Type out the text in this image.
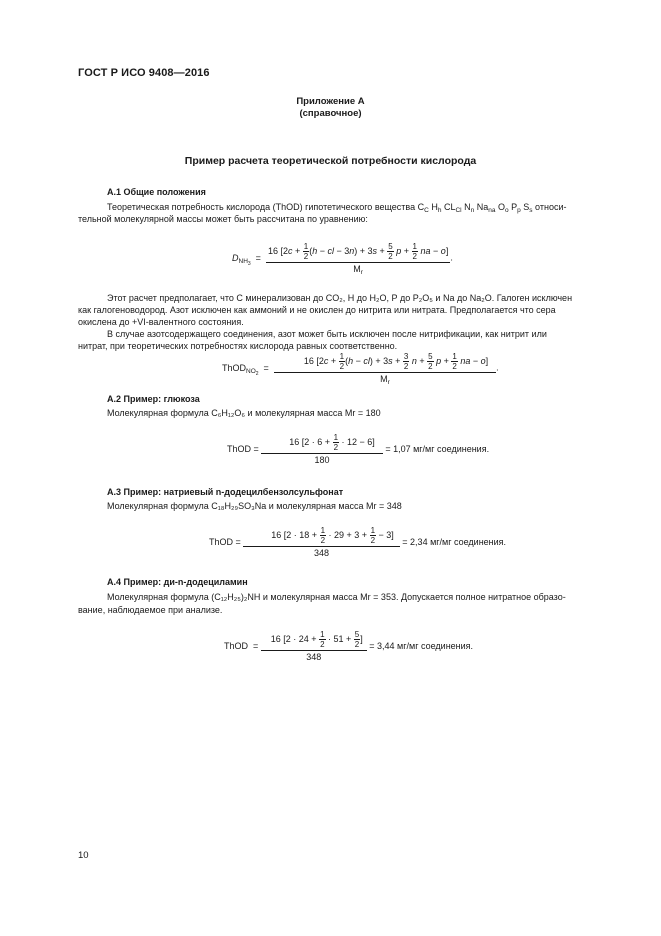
ГОСТ Р ИСО 9408—2016
Приложение А
(справочное)
Пример расчета теоретической потребности кислорода
А.1 Общие положения
Теоретическая потребность кислорода (ThOD) гипотетического вещества $C_C$ $H_h$ $CL_{Cl}$ $N_n$ $Na_{na}$ $O_o$ $P_p$ $S_s$ относи-
тельной молекулярной массы может быть рассчитана по уравнению:
$D_{NH_3} = \frac{16 [2c + \frac{1}{2} (h - cl - 3n) + 3s + \frac{5}{2} p + \frac{1}{2} na - o]}{M_r}$ .
Этот расчет предполагает, что С минерализован до CO₂, Н до H₂O, Р до P₂O₅ и Na до Na₂O. Галоген исключен
как галогеноводород. Азот исключен как аммоний и не окислен до нитрита или нитрата. Предполагается что сера
окислена до +VI-валентного состояния.
В случае азотсодержащего соединения, азот может быть исключен после нитрификации, как нитрит или
нитрат, при теоретических потребностях кислорода равных соответственно.
ThOD$_{NO_2}$  = $\frac{16 [2c + \frac{1}{2} (h - cl) + 3s + \frac{3}{2} n + \frac{5}{2} p + \frac{1}{2} na - o]}{M_r}$ .
А.2 Пример: глюкоза
Молекулярная формула C₆H₁₂O₆ и молекулярная масса Mr = 180
ThOD = $\frac{16 [2 \cdot 6 + \frac{1}{2} \cdot 12 - 6]}{180} = 1,07$ мг/мг соединения.
А.3 Пример: натриевый n-додецилбензолсульфонат
Молекулярная формула C₁₈H₂₉SO₃Na и молекулярная масса Mr = 348
ThOD = $\frac{16 [2 \cdot 18 + \frac{1}{2} \cdot 29 + 3 + \frac{1}{2} - 3]}{348} = 2,34$ мг/мг соединения.
А.4 Пример: ди-n-додециламин
Молекулярная формула (C₁₂H₂₅)₂NH и молекулярная масса Mr = 353. Допускается полное нитратное образо-
вание, наблюдаемое при анализе.
ThOD  = $\frac{16 [2 \cdot 24 + \frac{1}{2} \cdot 51 + \frac{5}{2} ]}{348} = 3,44$ мг/мг соединения.
10
